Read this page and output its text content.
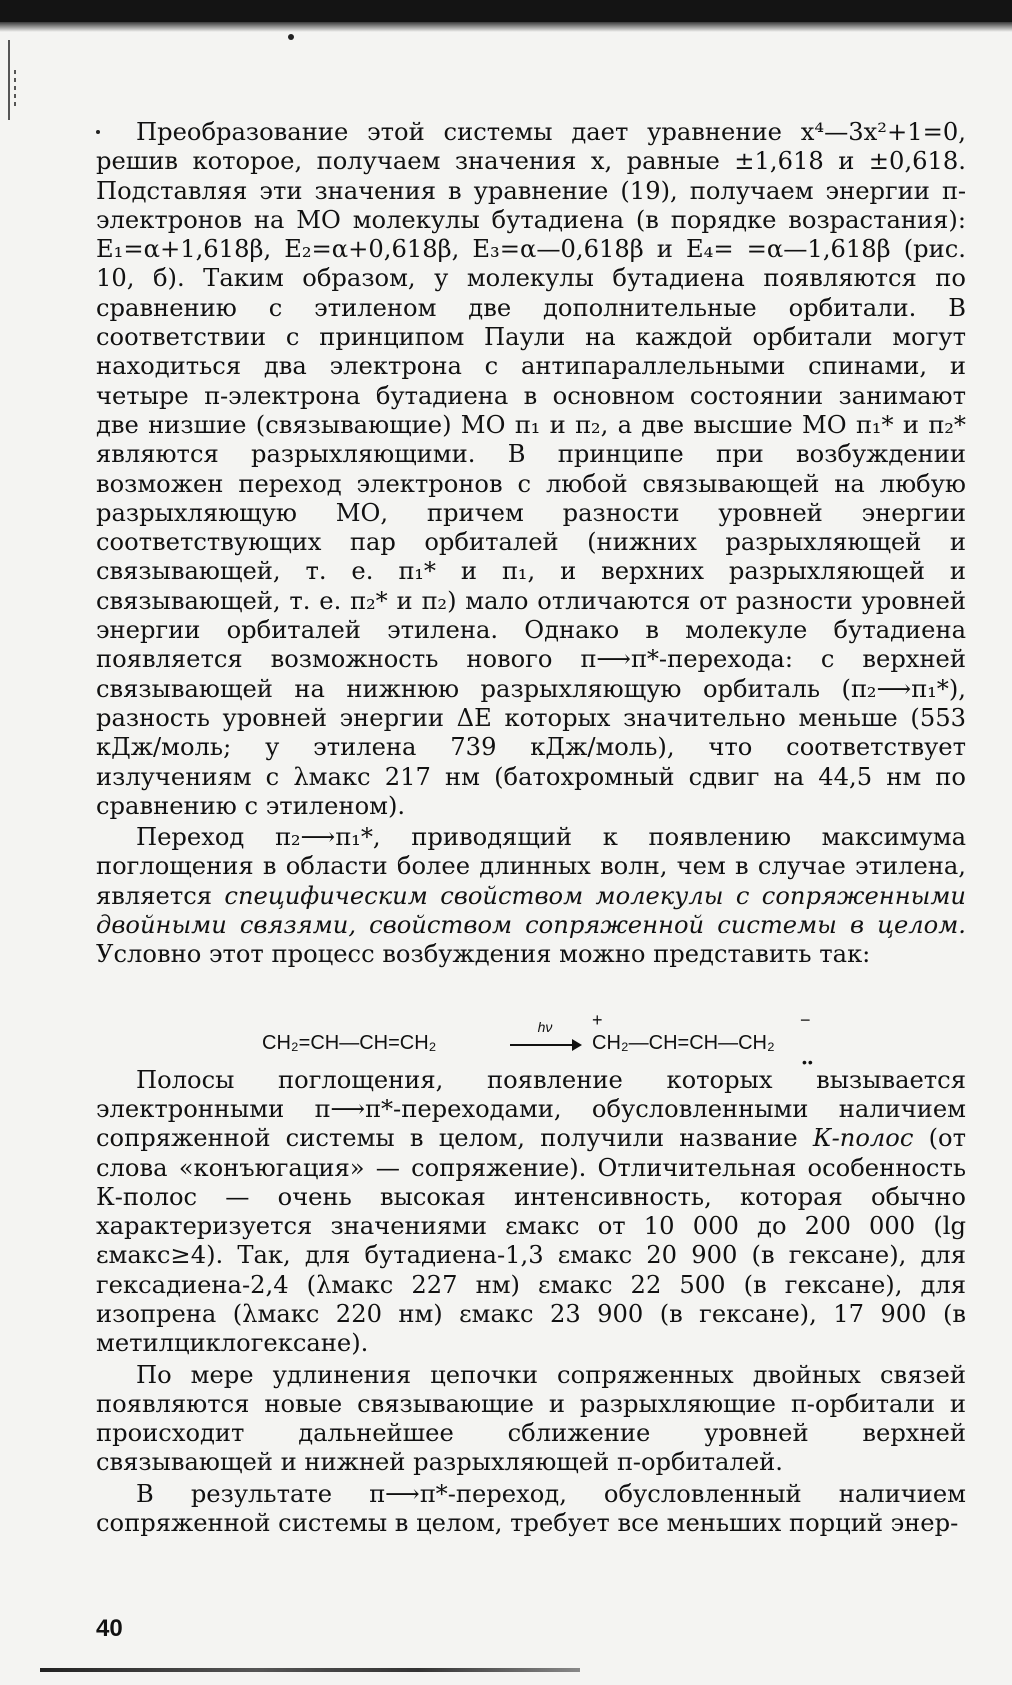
Преобразование этой системы дает уравнение x⁴—3x²+1=0, решив которое, получаем значения x, равные ±1,618 и ±0,618. Подставляя эти значения в уравнение (19), получаем энергии π-электронов на МО молекулы бутадиена (в порядке возрастания): E₁=α+1,618β, E₂=α+0,618β, E₃=α—0,618β и E₄= =α—1,618β (рис. 10, б). Таким образом, у молекулы бутадиена появляются по сравнению с этиленом две дополнительные орбитали. В соответствии с принципом Паули на каждой орбитали могут находиться два электрона с антипараллельными спинами, и четыре π-электрона бутадиена в основном состоянии занимают две низшие (связывающие) МО π₁ и π₂, а две высшие МО π₁* и π₂* являются разрыхляющими. В принципе при возбуждении возможен переход электронов с любой связывающей на любую разрыхляющую МО, причем разности уровней энергии соответствующих пар орбиталей (нижних разрыхляющей и связывающей, т. е. π₁* и π₁, и верхних разрыхляющей и связывающей, т. е. π₂* и π₂) мало отличаются от разности уровней энергии орбиталей этилена. Однако в молекуле бутадиена появляется возможность нового π⟶π*-перехода: с верхней связывающей на нижнюю разрыхляющую орбиталь (π₂⟶π₁*), разность уровней энергии ΔE которых значительно меньше (553 кДж/моль; у этилена 739 кДж/моль), что соответствует излучениям с λмакс 217 нм (батохромный сдвиг на 44,5 нм по сравнению с этиленом).

Переход π₂⟶π₁*, приводящий к появлению максимума поглощения в области более длинных волн, чем в случае этилена, является специфическим свойством молекулы с сопряженными двойными связями, свойством сопряженной системы в целом. Условно этот процесс возбуждения можно представить так:

Полосы поглощения, появление которых вызывается электронными π⟶π*-переходами, обусловленными наличием сопряженной системы в целом, получили название К-полос (от слова «конъюгация» — сопряжение). Отличительная особенность К-полос — очень высокая интенсивность, которая обычно характеризуется значениями εмакс от 10 000 до 200 000 (lg εмакс≥4). Так, для бутадиена-1,3 εмакс 20 900 (в гексане), для гексадиена-2,4 (λмакс 227 нм) εмакс 22 500 (в гексане), для изопрена (λмакс 220 нм) εмакс 23 900 (в гексане), 17 900 (в метилциклогексане).

По мере удлинения цепочки сопряженных двойных связей появляются новые связывающие и разрыхляющие π-орбитали и происходит дальнейшее сближение уровней верхней связывающей и нижней разрыхляющей π-орбиталей.

В результате π⟶π*-переход, обусловленный наличием сопряженной системы в целом, требует все меньших порций энер-

CH₂=CH—CH=CH₂
hν	+
CH₂—CH=CH—CH₂
−
••
40
